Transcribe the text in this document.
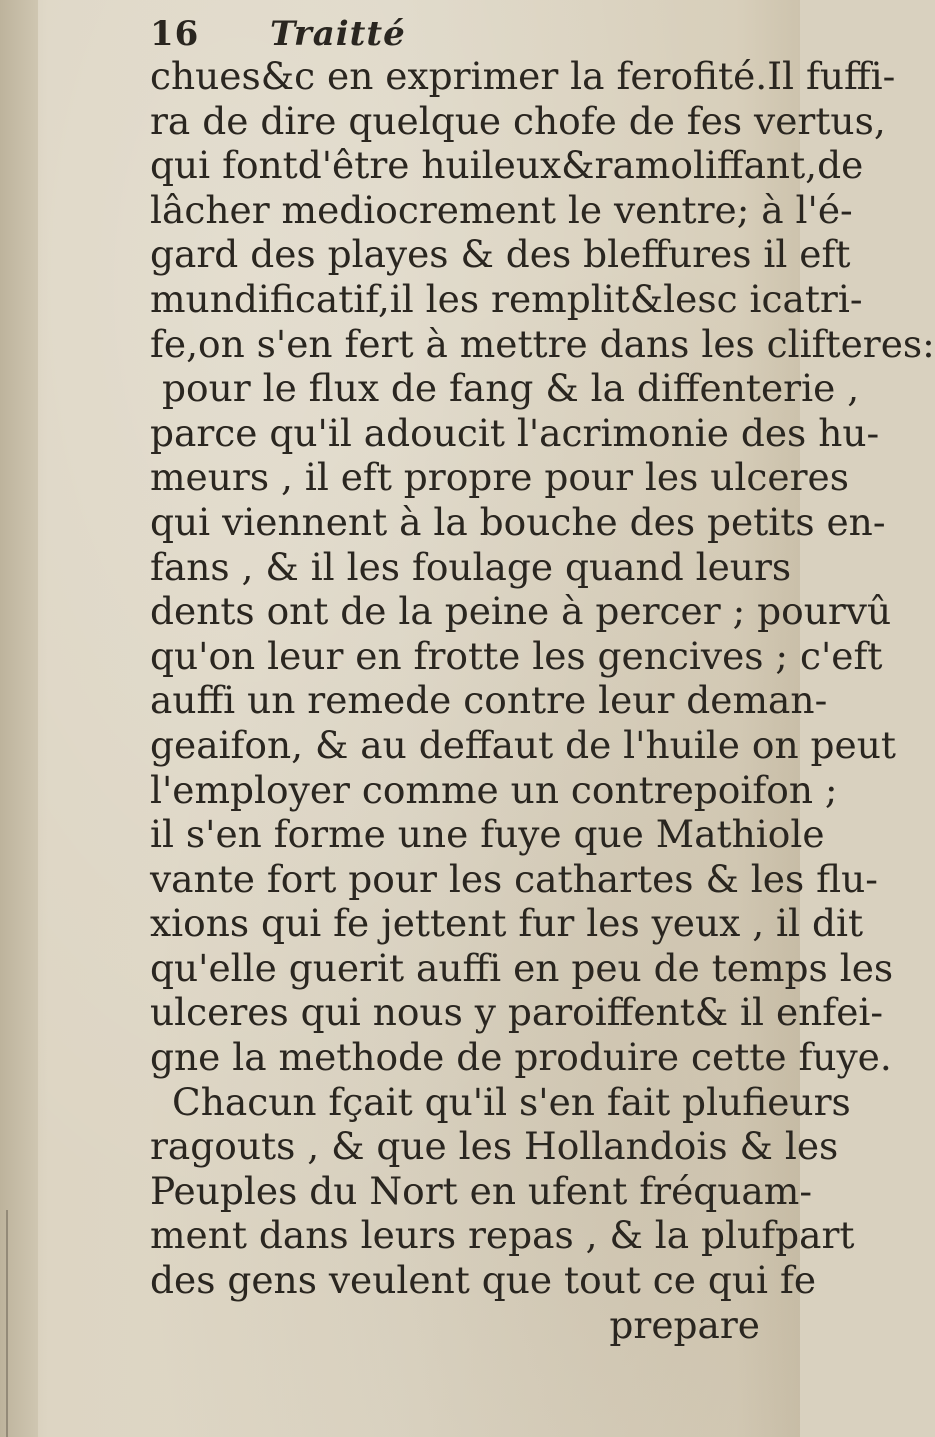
16 Traitté
chues&c en exprimer la ferofité.Il fuffi-
ra de dire quelque chofe de fes vertus,
qui fontd'être huileux&ramoliffant,de
lâcher mediocrement le ventre; à l'é-
gard des playes & des bleffures il eft
mundificatif,il les remplit&lesc icatri-
fe,on s'en fert à mettre dans les clifteres:
pour le flux de fang & la diffenterie ,
parce qu'il adoucit l'acrimonie des hu-
meurs , il eft propre pour les ulceres
qui viennent à la bouche des petits en-
fans , & il les foulage quand leurs
dents ont de la peine à percer ; pourvû
qu'on leur en frotte les gencives ; c'eft
auffi un remede contre leur deman-
geaifon, & au deffaut de l'huile on peut
l'employer comme un contrepoifon ;
il s'en forme une fuye que Mathiole
vante fort pour les cathartes & les flu-
xions qui fe jettent fur les yeux , il dit
qu'elle guerit auffi en peu de temps les
ulceres qui nous y paroiffent& il enfei-
gne la methode de produire cette fuye.
Chacun fçait qu'il s'en fait plufieurs
ragouts , & que les Hollandois & les
Peuples du Nort en ufent fréquam-
ment dans leurs repas , & la plufpart
des gens veulent que tout ce qui fe
prepare
